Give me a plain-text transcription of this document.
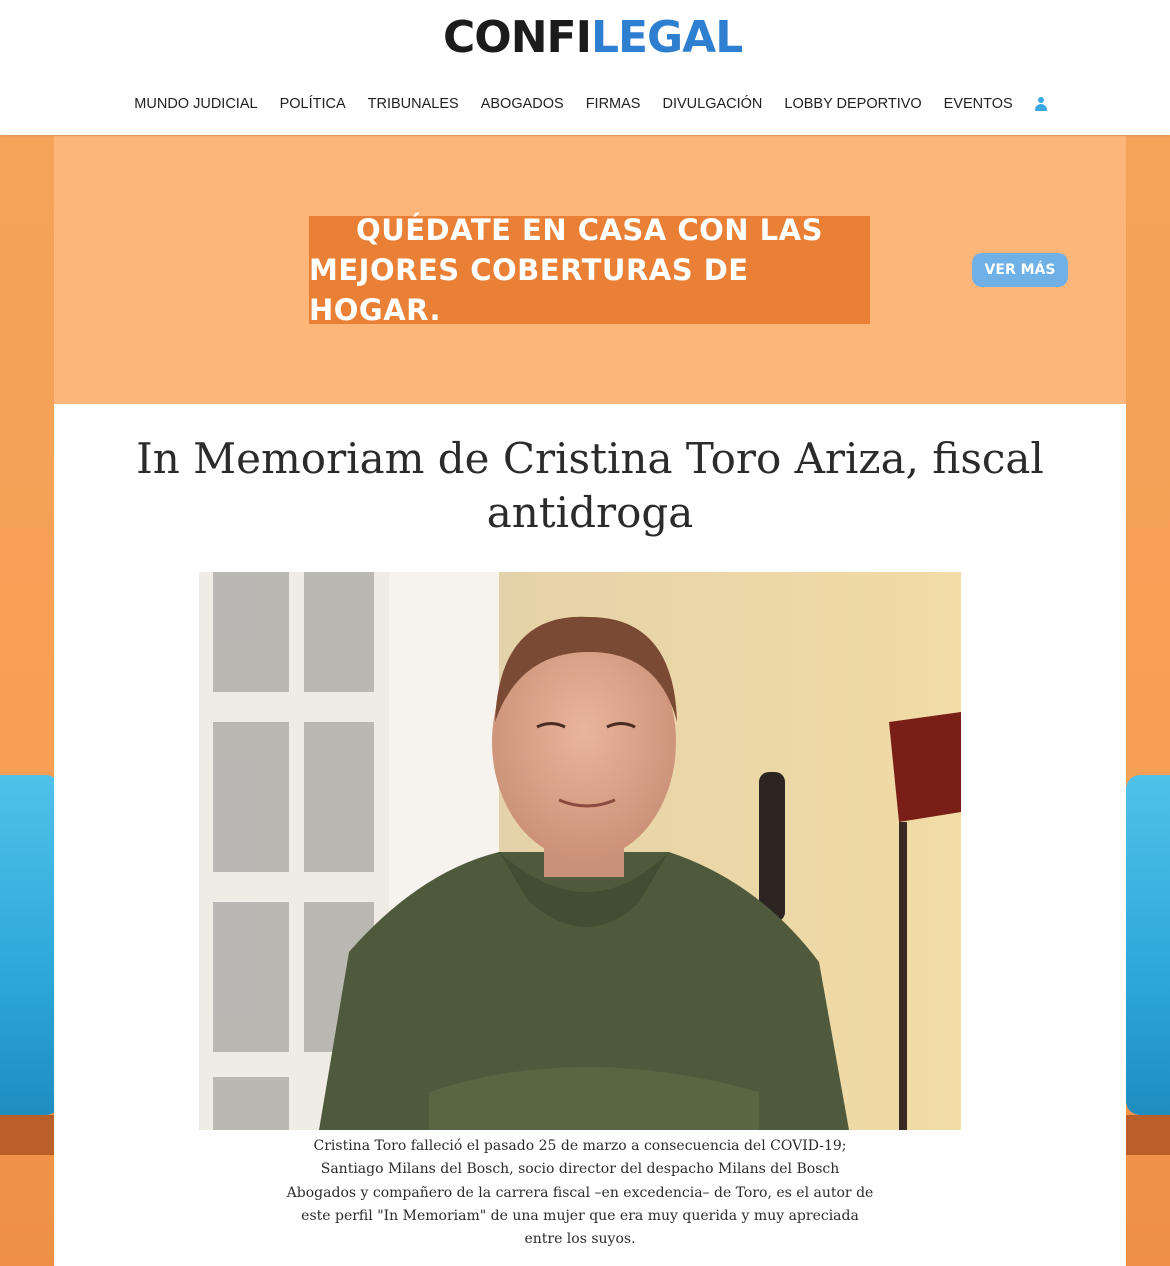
CONFI LEGAL
MUNDO JUDICIAL POLÍTICA TRIBUNALES ABOGADOS FIRMAS DIVULGACIÓN LOBBY DEPORTIVO EVENTOS
QUÉDATE EN CASA CON LAS
MEJORES COBERTURAS DE HOGAR.
VER MÁS
In Memoriam de Cristina Toro Ariza, fiscal antidroga
Cristina Toro falleció el pasado 25 de marzo a consecuencia del COVID-19; Santiago Milans del Bosch, socio director del despacho Milans del Bosch Abogados y compañero de la carrera fiscal –en excedencia– de Toro, es el autor de este perfil "In Memoriam" de una mujer que era muy querida y muy apreciada entre los suyos.
